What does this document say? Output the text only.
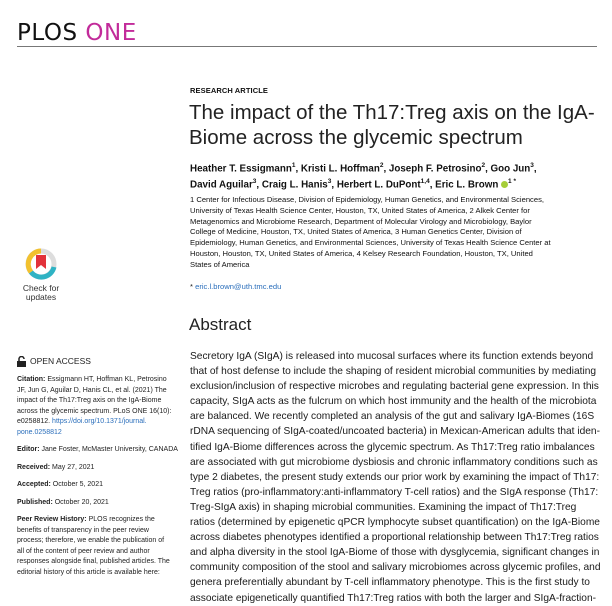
PLOS ONE
RESEARCH ARTICLE
The impact of the Th17:Treg axis on the IgA-Biome across the glycemic spectrum
Heather T. Essigmann$^1$, Kristi L. Hoffman$^2$, Joseph F. Petrosino$^2$, Goo Jun$^3$,
David Aguilar$^3$, Craig L. Hanis$^3$, Herbert L. DuPont$^{1,4}$, Eric L. Brown $^{1 *}$
1 Center for Infectious Disease, Division of Epidemiology, Human Genetics, and Environmental Sciences,
University of Texas Health Science Center, Houston, TX, United States of America, 2 Alkek Center for
Metagenomics and Microbiome Research, Department of Molecular Virology and Microbiology, Baylor
College of Medicine, Houston, TX, United States of America, 3 Human Genetics Center, Division of
Epidemiology, Human Genetics, and Environmental Sciences, University of Texas Health Science Center at
Houston, Houston, TX, United States of America, 4 Kelsey Research Foundation, Houston, TX, United
States of America
* eric.l.brown@uth.tmc.edu
Check for updates
OPEN ACCESS

Citation: Essigmann HT, Hoffman KL, Petrosino
JF, Jun G, Aguilar D, Hanis CL, et al. (2021) The
impact of the Th17:Treg axis on the IgA-Biome
across the glycemic spectrum. PLoS ONE 16(10):
e0258812. https://doi.org/10.1371/journal.
pone.0258812

Editor: Jane Foster, McMaster University, CANADA

Received: May 27, 2021

Accepted: October 5, 2021

Published: October 20, 2021

Peer Review History: PLOS recognizes the
benefits of transparency in the peer review
process; therefore, we enable the publication of
all of the content of peer review and author
responses alongside final, published articles. The
editorial history of this article is available here:

Abstract
Secretory IgA (SIgA) is released into mucosal surfaces where its function extends beyond
that of host defense to include the shaping of resident microbial communities by mediating
exclusion/inclusion of respective microbes and regulating bacterial gene expression. In this
capacity, SIgA acts as the fulcrum on which host immunity and the health of the microbiota
are balanced. We recently completed an analysis of the gut and salivary IgA-Biomes (16S
rDNA sequencing of SIgA-coated/uncoated bacteria) in Mexican-American adults that iden-
tified IgA-Biome differences across the glycemic spectrum. As Th17:Treg ratio imbalances
are associated with gut microbiome dysbiosis and chronic inflammatory conditions such as
type 2 diabetes, the present study extends our prior work by examining the impact of Th17:
Treg ratios (pro-inflammatory:anti-inflammatory T-cell ratios) and the SIgA response (Th17:
Treg-SIgA axis) in shaping microbial communities. Examining the impact of Th17:Treg
ratios (determined by epigenetic qPCR lymphocyte subset quantification) on the IgA-Biome
across diabetes phenotypes identified a proportional relationship between Th17:Treg ratios
and alpha diversity in the stool IgA-Biome of those with dysglycemia, significant changes in
community composition of the stool and salivary microbiomes across glycemic profiles, and
genera preferentially abundant by T-cell inflammatory phenotype. This is the first study to
associate epigenetically quantified Th17:Treg ratios with both the larger and SIgA-fraction-
